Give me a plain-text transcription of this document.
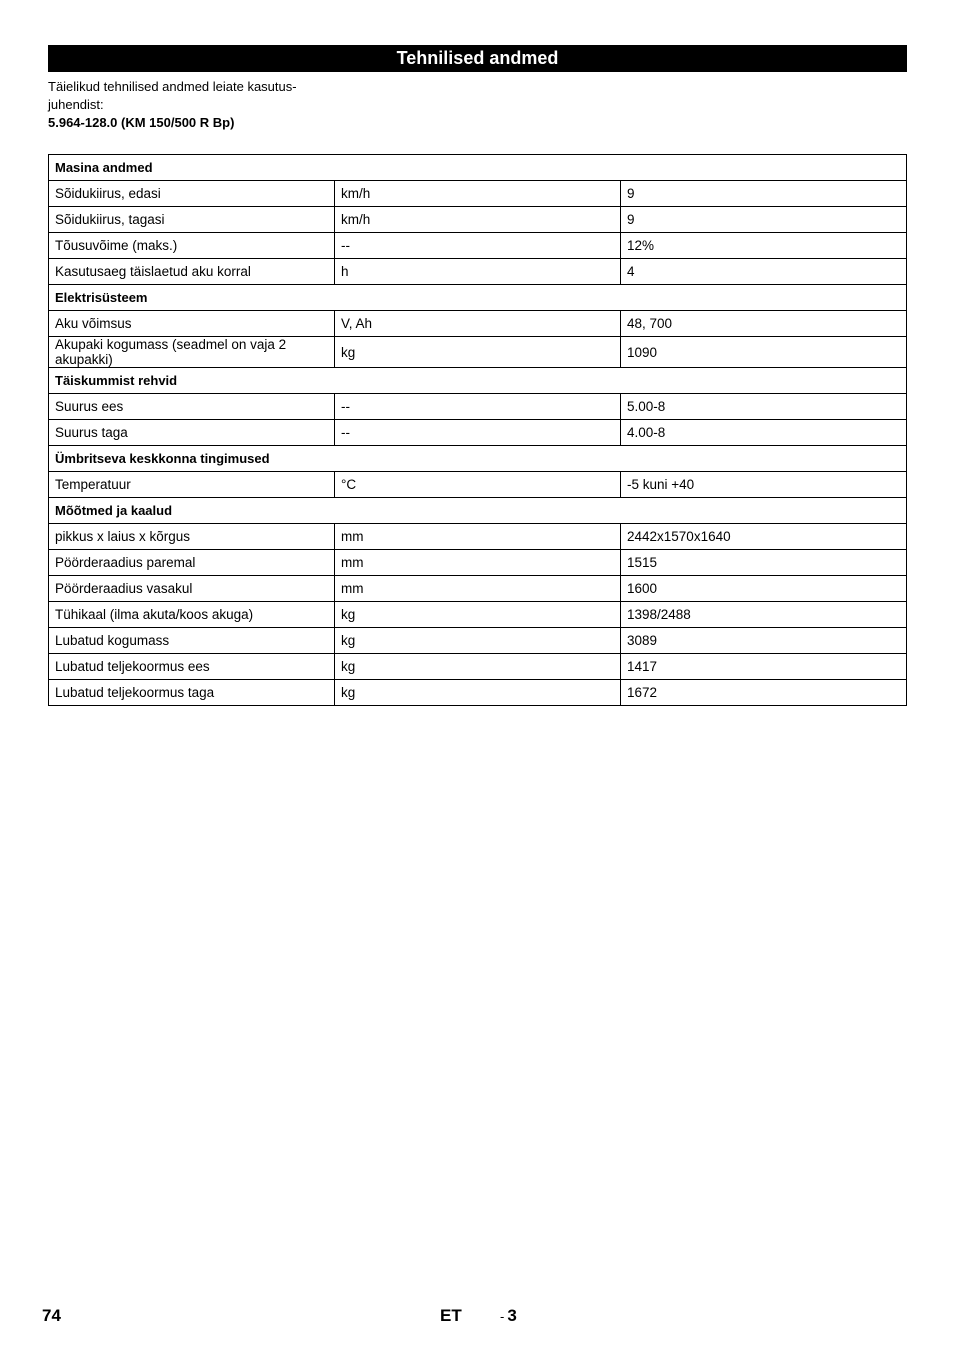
Tehnilised andmed
Täielikud tehnilised andmed leiate kasutus-
juhendist:
5.964-128.0 (KM 150/500 R Bp)
Masina andmed		
Sõidukiirus, edasi	km/h	9
Sõidukiirus, tagasi	km/h	9
Tõusuvõime (maks.)	--	12%
Kasutusaeg täislaetud aku korral	h	4
Elektrisüsteem		
Aku võimsus	V, Ah	48, 700
Akupaki kogumass (seadmel on vaja 2 akupakki)	kg	1090
Täiskummist rehvid		
Suurus ees	--	5.00-8
Suurus taga	--	4.00-8
Ümbritseva keskkonna tingimused		
Temperatuur	°C	-5 kuni +40
Mõõtmed ja kaalud		
pikkus x laius x kõrgus	mm	2442x1570x1640
Pöörderaadius paremal	mm	1515
Pöörderaadius vasakul	mm	1600
Tühikaal (ilma akuta/koos akuga)	kg	1398/2488
Lubatud kogumass	kg	3089
Lubatud teljekoormus ees	kg	1417
Lubatud teljekoormus taga	kg	1672
74	ET	- 3
